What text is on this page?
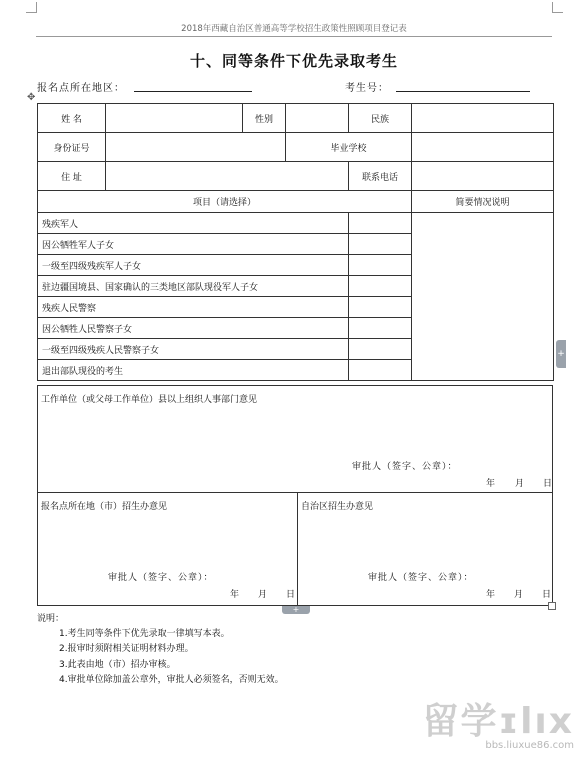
2018年西藏自治区普通高等学校招生政策性照顾项目登记表
十、同等条件下优先录取考生
报名点所在地区：	考生号：
✥
姓 名		性别		民族	
身份证号			毕业学校		
住 址				联系电话	
项目（请选择）					简要情况说明
残疾军人					
因公牺牲军人子女					
一级至四级残疾军人子女					
驻边疆国境县、国家确认的三类地区部队现役军人子女					
残疾人民警察					
因公牺牲人民警察子女					
一级至四级残疾人民警察子女					
退出部队现役的考生					
工作单位（或父母工作单位）县以上组织人事部门意见
审批人（签字、公章）：
年 月 日
报名点所在地（市）招生办意见
审批人（签字、公章）：
年 月 日
自治区招生办意见
审批人（签字、公章）：
年 月 日
+
+
说明：
1.考生同等条件下优先录取一律填写本表。
2.报审时须附相关证明材料办理。
3.此表由地（市）招办审核。
4.审批单位除加盖公章外，审批人必须签名，否则无效。
留学ɪlıx
bbs.liuxue86.com
